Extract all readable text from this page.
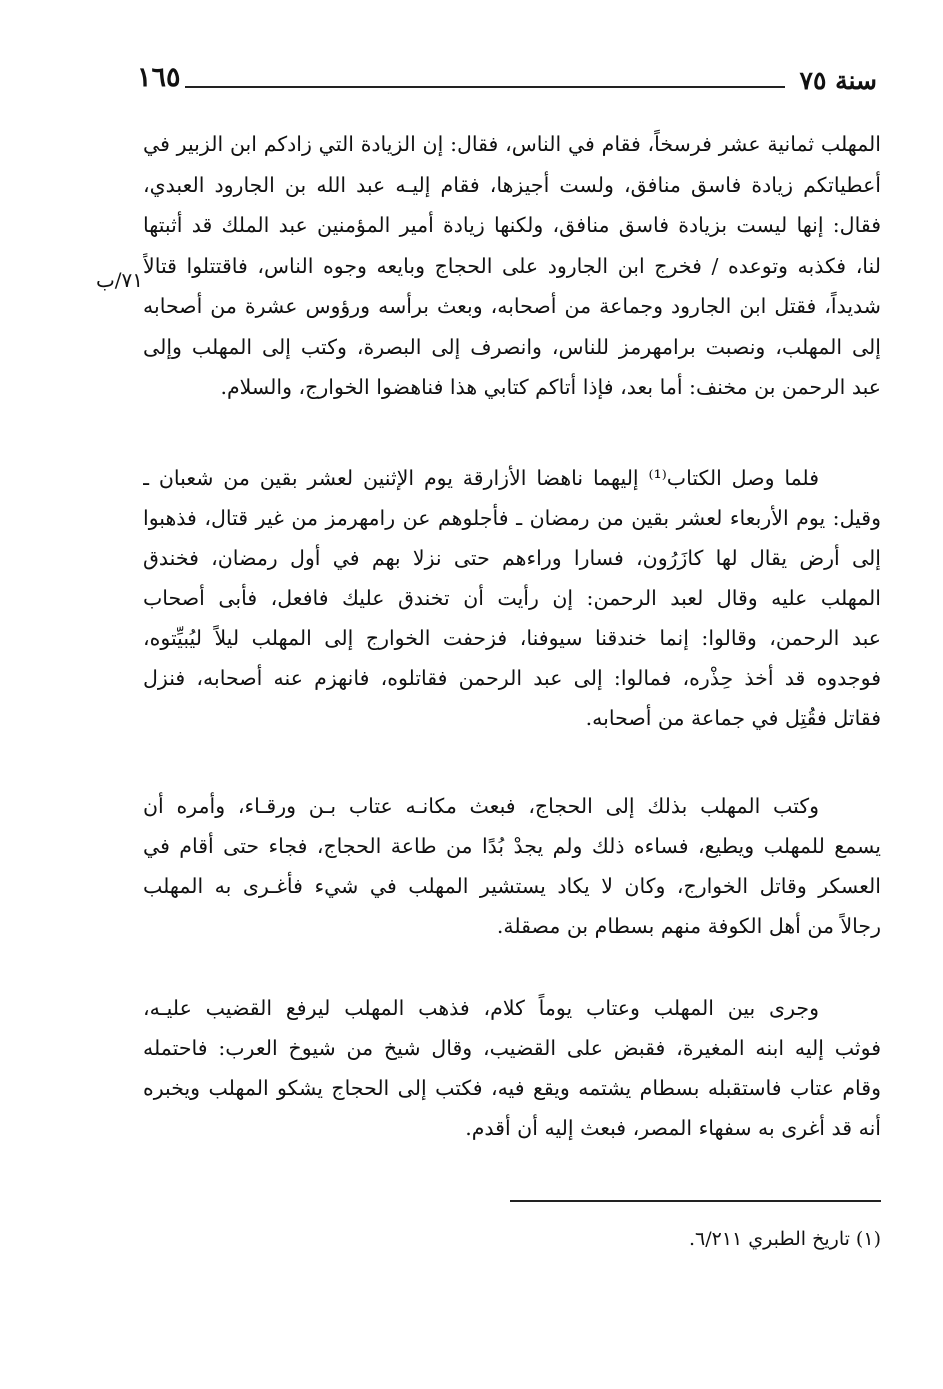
سنة ٧٥
١٦٥
٧١/ب
المهلب ثمانية عشر فرسخاً، فقام في الناس، فقال: إن الزيادة التي زادكم ابن الزبير في
أعطياتكم زيادة فاسق منافق، ولست أجيزها، فقام إليـه عبد الله بن الجارود العبدي،
فقال: إنها ليست بزيادة فاسق منافق، ولكنها زيادة أمير المؤمنين عبد الملك قد أثبتها
لنا، فكذبه وتوعده / فخرج ابن الجارود على الحجاج وبايعه وجوه الناس، فاقتتلوا قتالاً
شديداً، فقتل ابن الجارود وجماعة من أصحابه، وبعث برأسه ورؤوس عشرة من أصحابه
إلى المهلب، ونصبت برامهرمز للناس، وانصرف إلى البصرة، وكتب إلى المهلب وإلى
عبد الرحمن بن مخنف: أما بعد، فإذا أتاكم كتابي هذا فناهضوا الخوارج، والسلام.
فلما وصل الكتاب⁽¹⁾ إليهما ناهضا الأزارقة يوم الإثنين لعشر بقين من شعبان ـ
وقيل: يوم الأربعاء لعشر بقين من رمضان ـ فأجلوهم عن رامهرمز من غير قتال، فذهبوا
إلى أرض يقال لها كازَرُون، فسارا وراءهم حتى نزلا بهم في أول رمضان، فخندق
المهلب عليه وقال لعبد الرحمن: إن رأيت أن تخندق عليك فافعل، فأبى أصحاب
عبد الرحمن، وقالوا: إنما خندقنا سيوفنا، فزحفت الخوارج إلى المهلب ليلاً ليُبيِّتوه،
فوجدوه قد أخذ حِذْره، فمالوا: إلى عبد الرحمن فقاتلوه، فانهزم عنه أصحابه، فنزل
فقاتل فقُتِل في جماعة من أصحابه.
وكتب المهلب بذلك إلى الحجاج، فبعث مكانـه عتاب بـن ورقـاء، وأمره أن
يسمع للمهلب ويطيع، فساءه ذلك ولم يجدْ بُدًا من طاعة الحجاج، فجاء حتى أقام في
العسكر وقاتل الخوارج، وكان لا يكاد يستشير المهلب في شيء فأغـرى به المهلب
رجالاً من أهل الكوفة منهم بسطام بن مصقلة.
وجرى بين المهلب وعتاب يوماً كلام، فذهب المهلب ليرفع القضيب عليـه،
فوثب إليه ابنه المغيرة، فقبض على القضيب، وقال شيخ من شيوخ العرب: فاحتمله
وقام عتاب فاستقبله بسطام يشتمه ويقع فيه، فكتب إلى الحجاج يشكو المهلب ويخبره
أنه قد أغرى به سفهاء المصر، فبعث إليه أن أقدم.
(١) تاريخ الطبري ٦/٢١١.
